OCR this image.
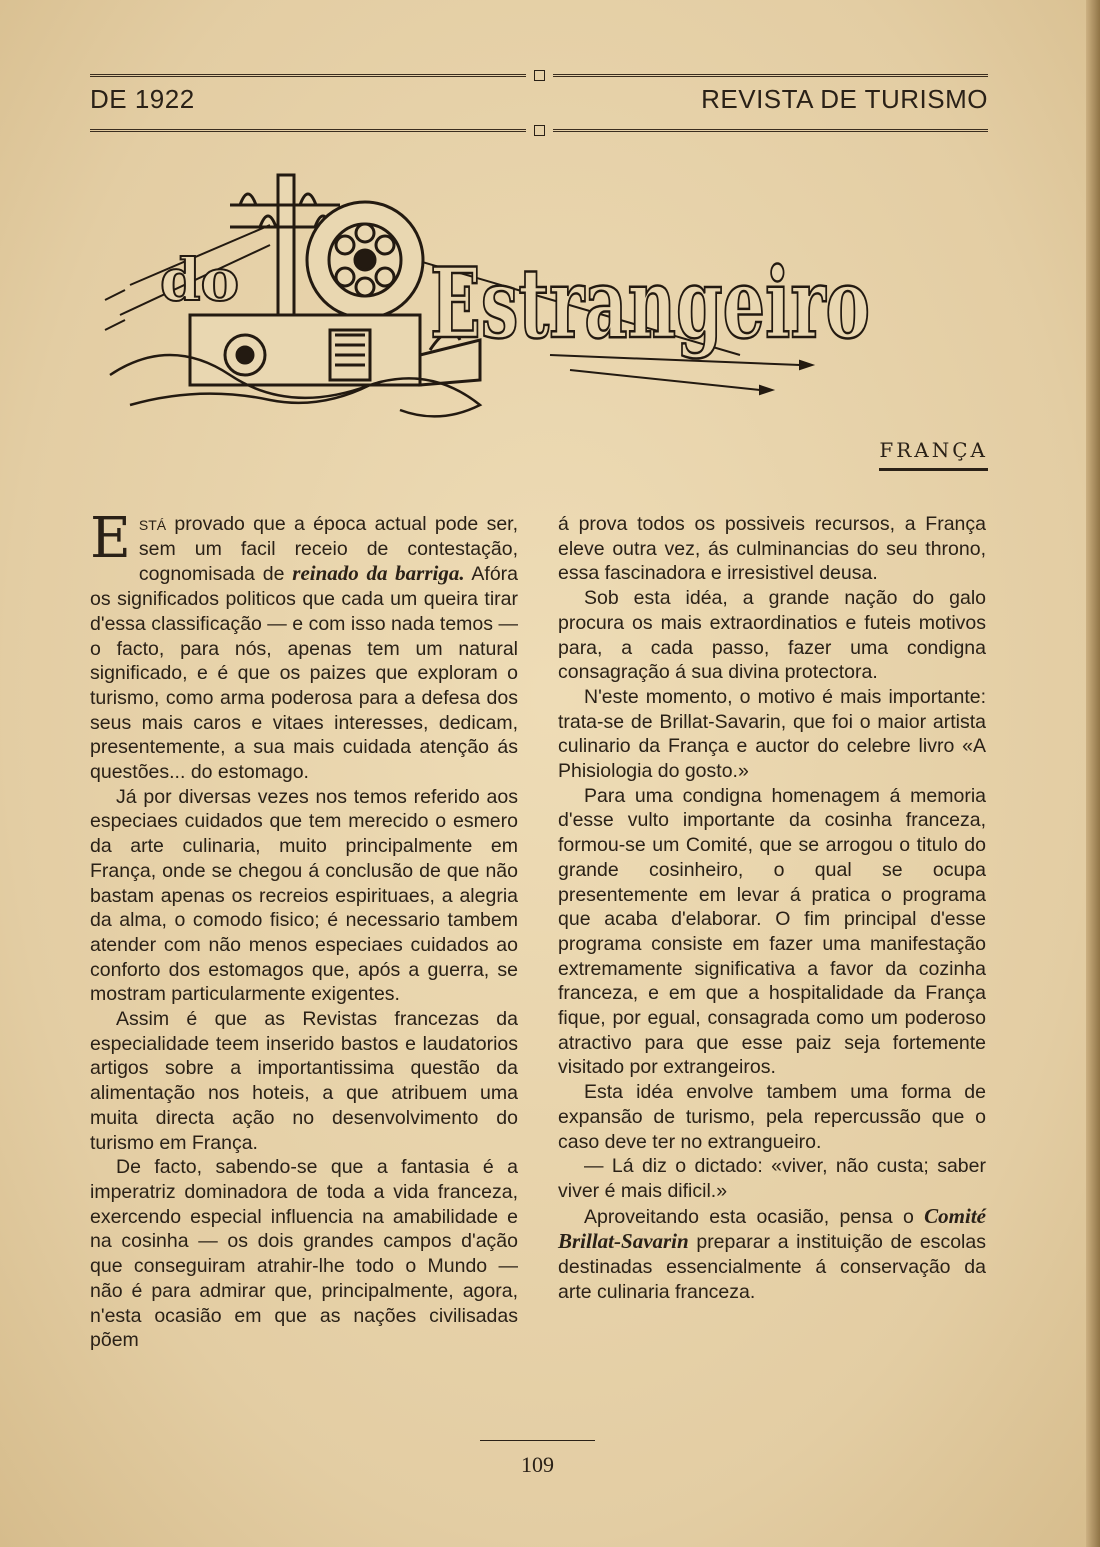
DE 1922	REVISTA DE TURISMO
do Estrangeiro
FRANÇA

Está provado que a época actual pode ser, sem um facil receio de contestação, cognomisada de reinado da barriga. Afóra os significados politicos que cada um queira tirar d'essa classificação — e com isso nada temos — o facto, para nós, apenas tem um natural significado, e é que os paizes que exploram o turismo, como arma poderosa para a defesa dos seus mais caros e vitaes interesses, dedicam, presentemente, a sua mais cuidada atenção ás questões... do estomago.

Já por diversas vezes nos temos referido aos especiaes cuidados que tem merecido o esmero da arte culinaria, muito principalmente em França, onde se chegou á conclusão de que não bastam apenas os recreios espirituaes, a alegria da alma, o comodo fisico; é necessario tambem atender com não menos especiaes cuidados ao conforto dos estomagos que, após a guerra, se mostram particularmente exigentes.

Assim é que as Revistas francezas da especialidade teem inserido bastos e laudatorios artigos sobre a importantissima questão da alimentação nos hoteis, a que atribuem uma muita directa ação no desenvolvimento do turismo em França.

De facto, sabendo-se que a fantasia é a imperatriz dominadora de toda a vida franceza, exercendo especial influencia na amabilidade e na cosinha — os dois grandes campos d'ação que conseguiram atrahir-lhe todo o Mundo — não é para admirar que, principalmente, agora, n'esta ocasião em que as nações civilisadas põem

á prova todos os possiveis recursos, a França eleve outra vez, ás culminancias do seu throno, essa fascinadora e irresistivel deusa.

Sob esta idéa, a grande nação do galo procura os mais extraordinatios e futeis motivos para, a cada passo, fazer uma condigna consagração á sua divina protectora.

N'este momento, o motivo é mais importante: trata-se de Brillat-Savarin, que foi o maior artista culinario da França e auctor do celebre livro «A Phisiologia do gosto.»

Para uma condigna homenagem á memoria d'esse vulto importante da cosinha franceza, formou-se um Comité, que se arrogou o titulo do grande cosinheiro, o qual se ocupa presentemente em levar á pratica o programa que acaba d'elaborar. O fim principal d'esse programa consiste em fazer uma manifestação extremamente significativa a favor da cozinha franceza, e em que a hospitalidade da França fique, por egual, consagrada como um poderoso atractivo para que esse paiz seja fortemente visitado por extrangeiros.

Esta idéa envolve tambem uma forma de expansão de turismo, pela repercussão que o caso deve ter no extrangueiro.

— Lá diz o dictado: «viver, não custa; saber viver é mais dificil.»

Aproveitando esta ocasião, pensa o Comité Brillat-Savarin preparar a instituição de escolas destinadas essencialmente á conservação da arte culinaria franceza.

109
